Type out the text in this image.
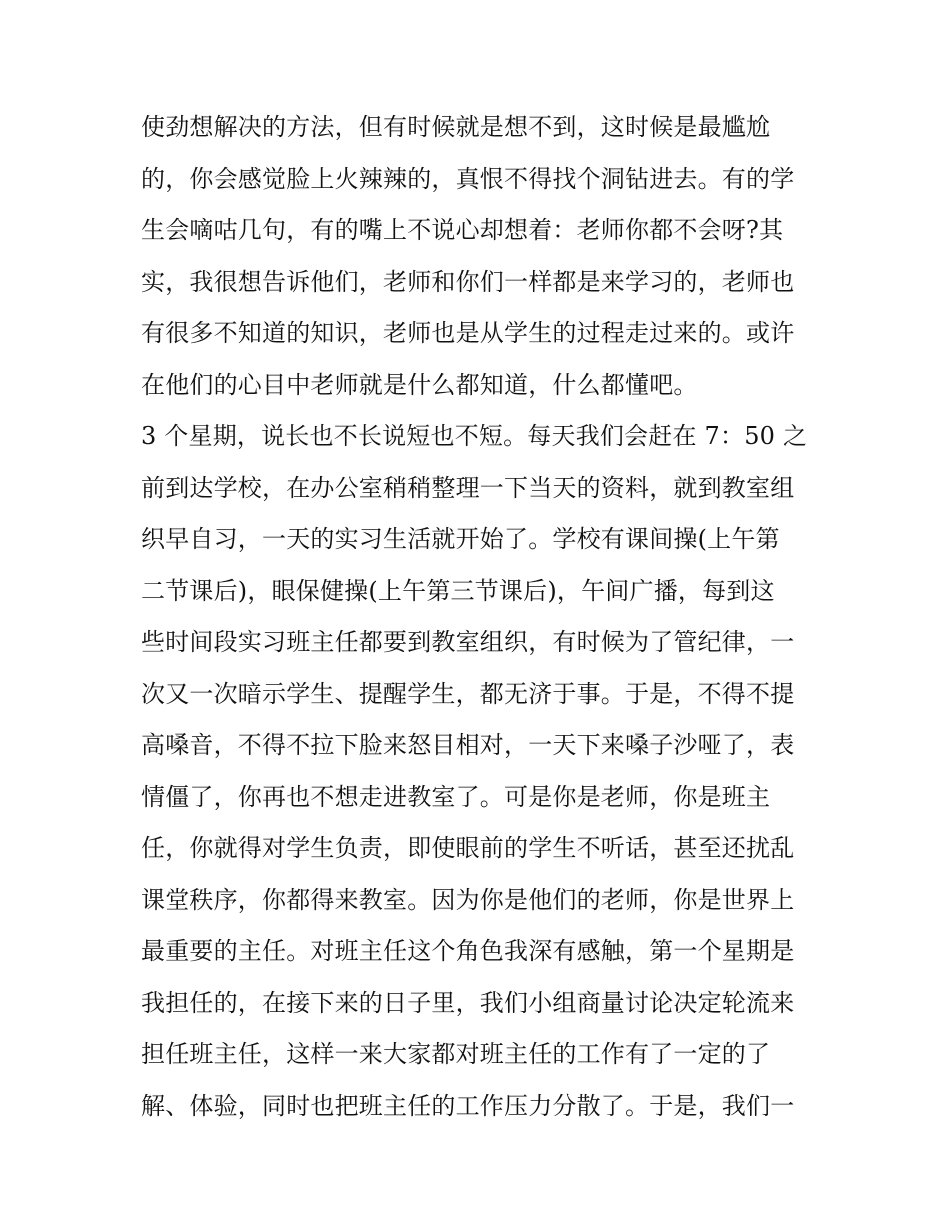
使劲想解决的方法，但有时候就是想不到，这时候是最尴尬
的，你会感觉脸上火辣辣的，真恨不得找个洞钻进去。有的学
生会嘀咕几句，有的嘴上不说心却想着：老师你都不会呀?其
实，我很想告诉他们，老师和你们一样都是来学习的，老师也
有很多不知道的知识，老师也是从学生的过程走过来的。或许
在他们的心目中老师就是什么都知道，什么都懂吧。
3 个星期，说长也不长说短也不短。每天我们会赶在 7：50 之
前到达学校，在办公室稍稍整理一下当天的资料，就到教室组
织早自习，一天的实习生活就开始了。学校有课间操(上午第
二节课后)，眼保健操(上午第三节课后)，午间广播，每到这
些时间段实习班主任都要到教室组织，有时候为了管纪律，一
次又一次暗示学生、提醒学生，都无济于事。于是，不得不提
高嗓音，不得不拉下脸来怒目相对，一天下来嗓子沙哑了，表
情僵了，你再也不想走进教室了。可是你是老师，你是班主
任，你就得对学生负责，即使眼前的学生不听话，甚至还扰乱
课堂秩序，你都得来教室。因为你是他们的老师，你是世界上
最重要的主任。对班主任这个角色我深有感触，第一个星期是
我担任的，在接下来的日子里，我们小组商量讨论决定轮流来
担任班主任，这样一来大家都对班主任的工作有了一定的了
解、体验，同时也把班主任的工作压力分散了。于是，我们一
